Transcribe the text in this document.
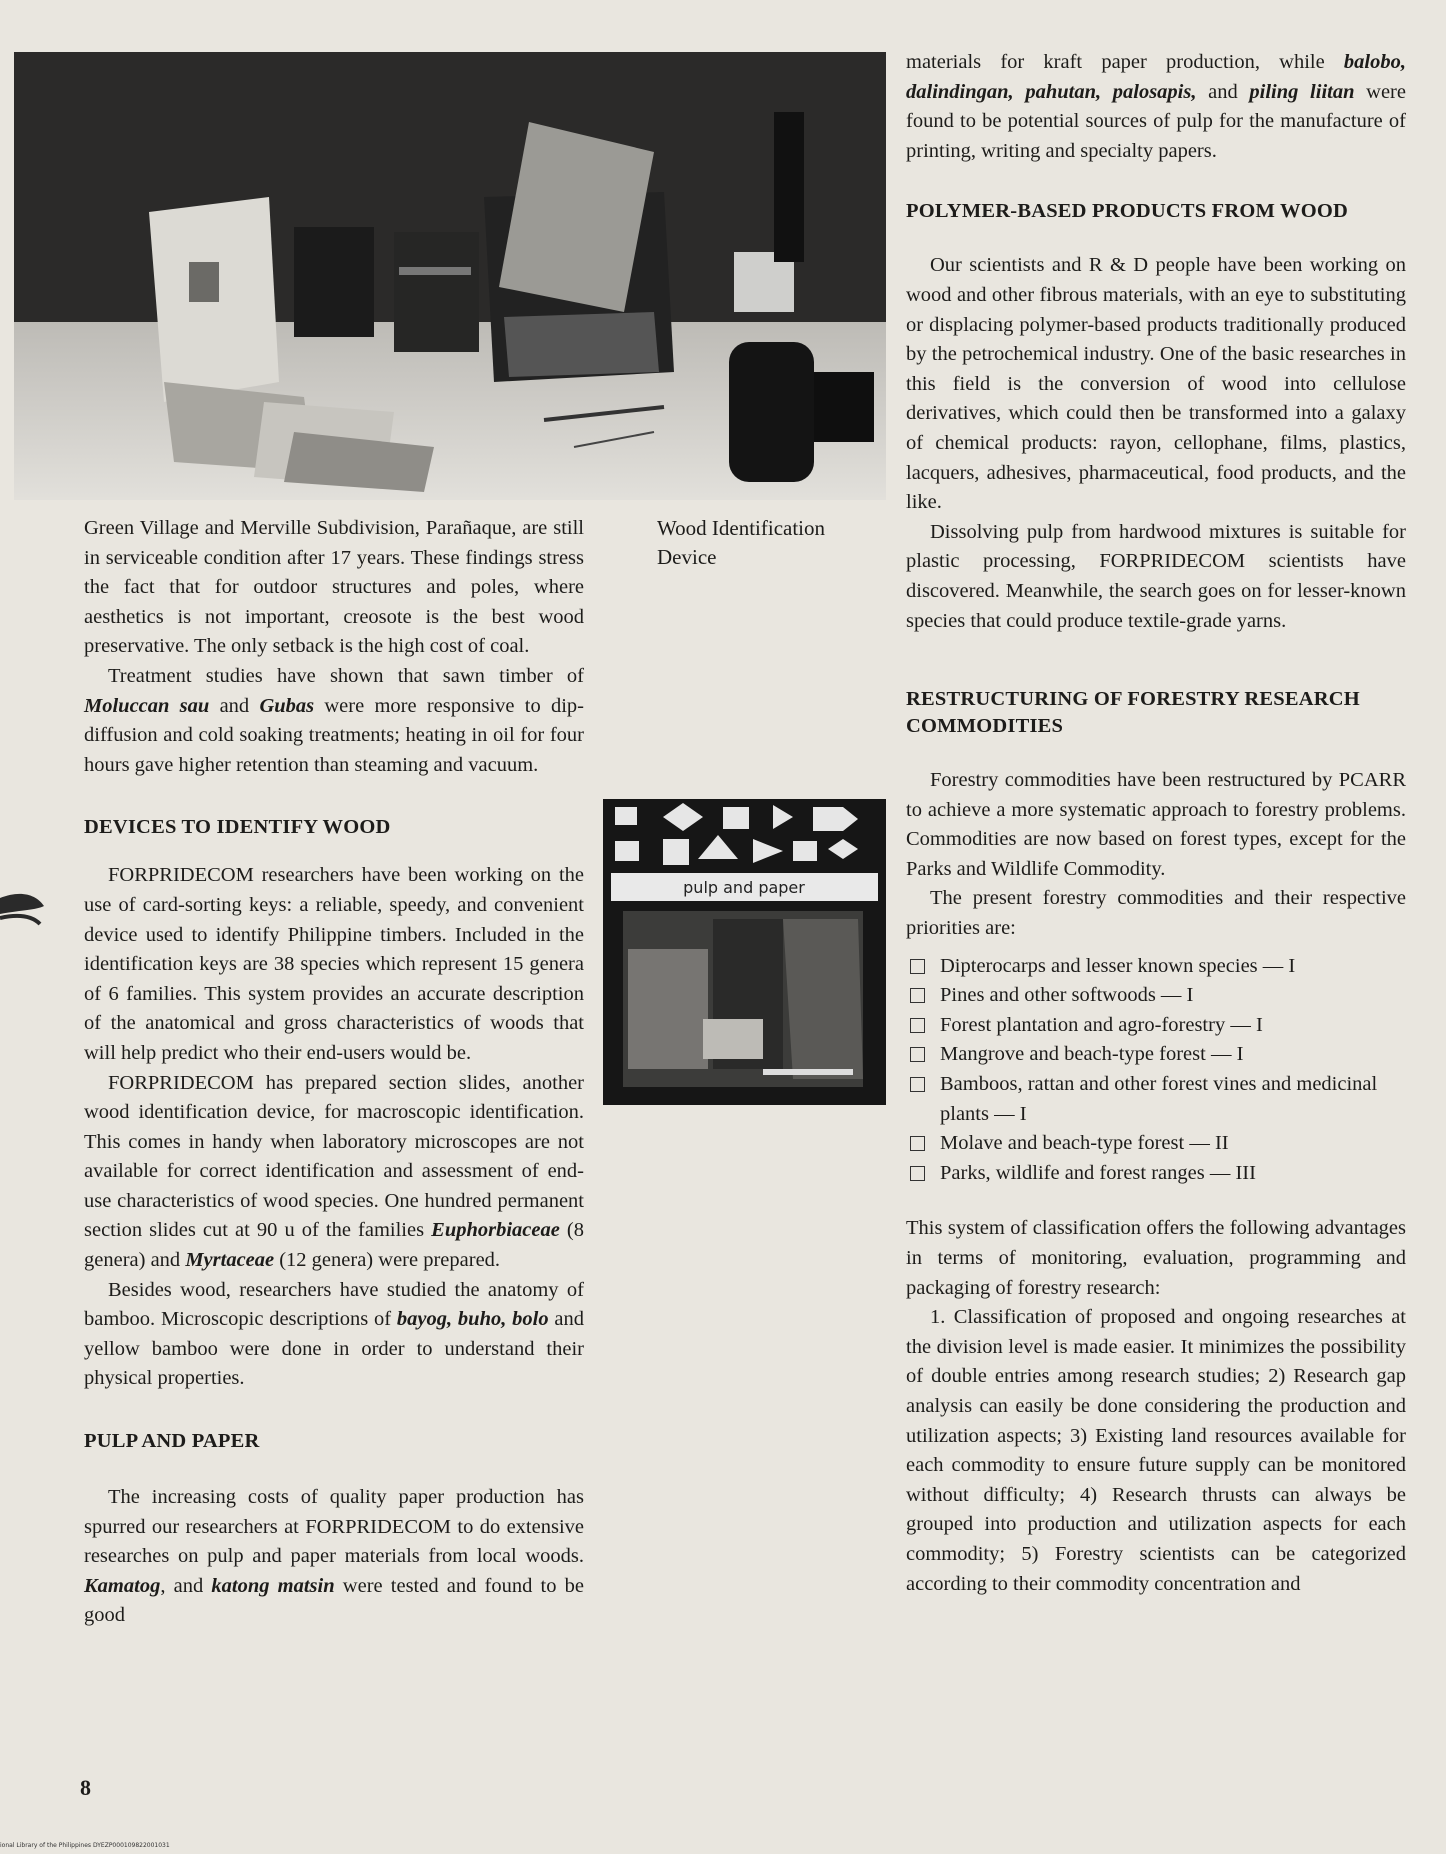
Wood Identification
Device
pulp and paper

Green Village and Merville Subdivision, Parañaque, are still in serviceable condition after 17 years. These findings stress the fact that for outdoor structures and poles, where aesthetics is not important, creosote is the best wood preservative. The only setback is the high cost of coal.

Treatment studies have shown that sawn timber of Moluccan sau and Gubas were more responsive to dip-diffusion and cold soaking treatments; heating in oil for four hours gave higher retention than steaming and vacuum.

DEVICES TO IDENTIFY WOOD

FORPRIDECOM researchers have been working on the use of card-sorting keys: a reliable, speedy, and convenient device used to identify Philippine timbers. Included in the identification keys are 38 species which represent 15 genera of 6 families. This system provides an accurate description of the anatomical and gross characteristics of woods that will help predict who their end-users would be.

FORPRIDECOM has prepared section slides, another wood identification device, for macroscopic identification. This comes in handy when laboratory microscopes are not available for correct identification and assessment of end-use characteristics of wood species. One hundred permanent section slides cut at 90 u of the families Euphorbiaceae (8 genera) and Myrtaceae (12 genera) were prepared.

Besides wood, researchers have studied the anatomy of bamboo. Microscopic descriptions of bayog, buho, bolo and yellow bamboo were done in order to understand their physical properties.

PULP AND PAPER

The increasing costs of quality paper production has spurred our researchers at FORPRIDECOM to do extensive researches on pulp and paper materials from local woods. Kamatog, and katong matsin were tested and found to be good

materials for kraft paper production, while balobo, dalindingan, pahutan, palosapis, and piling liitan were found to be potential sources of pulp for the manufacture of printing, writing and specialty papers.

POLYMER-BASED PRODUCTS FROM WOOD

Our scientists and R & D people have been working on wood and other fibrous materials, with an eye to substituting or displacing polymer-based products traditionally produced by the petrochemical industry. One of the basic researches in this field is the conversion of wood into cellulose derivatives, which could then be transformed into a galaxy of chemical products: rayon, cellophane, films, plastics, lacquers, adhesives, pharmaceutical, food products, and the like.

Dissolving pulp from hardwood mixtures is suitable for plastic processing, FORPRIDECOM scientists have discovered. Meanwhile, the search goes on for lesser-known species that could produce textile-grade yarns.

RESTRUCTURING OF FORESTRY RESEARCH COMMODITIES

Forestry commodities have been restructured by PCARR to achieve a more systematic approach to forestry problems. Commodities are now based on forest types, except for the Parks and Wildlife Commodity.

The present forestry commodities and their respective priorities are:

Dipterocarps and lesser known species — I
Pines and other softwoods — I
Forest plantation and agro-forestry — I
Mangrove and beach-type forest — I
Bamboos, rattan and other forest vines and medicinal plants — I
Molave and beach-type forest — II
Parks, wildlife and forest ranges — III

This system of classification offers the following advantages in terms of monitoring, evaluation, programming and packaging of forestry research:

1. Classification of proposed and ongoing researches at the division level is made easier. It minimizes the possibility of double entries among research studies; 2) Research gap analysis can easily be done considering the production and utilization aspects; 3) Existing land resources available for each commodity to ensure future supply can be monitored without difficulty; 4) Research thrusts can always be grouped into production and utilization aspects for each commodity; 5) Forestry scientists can be categorized according to their commodity concentration and

8
ional Library of the Philippines DYEZP000109822001031
